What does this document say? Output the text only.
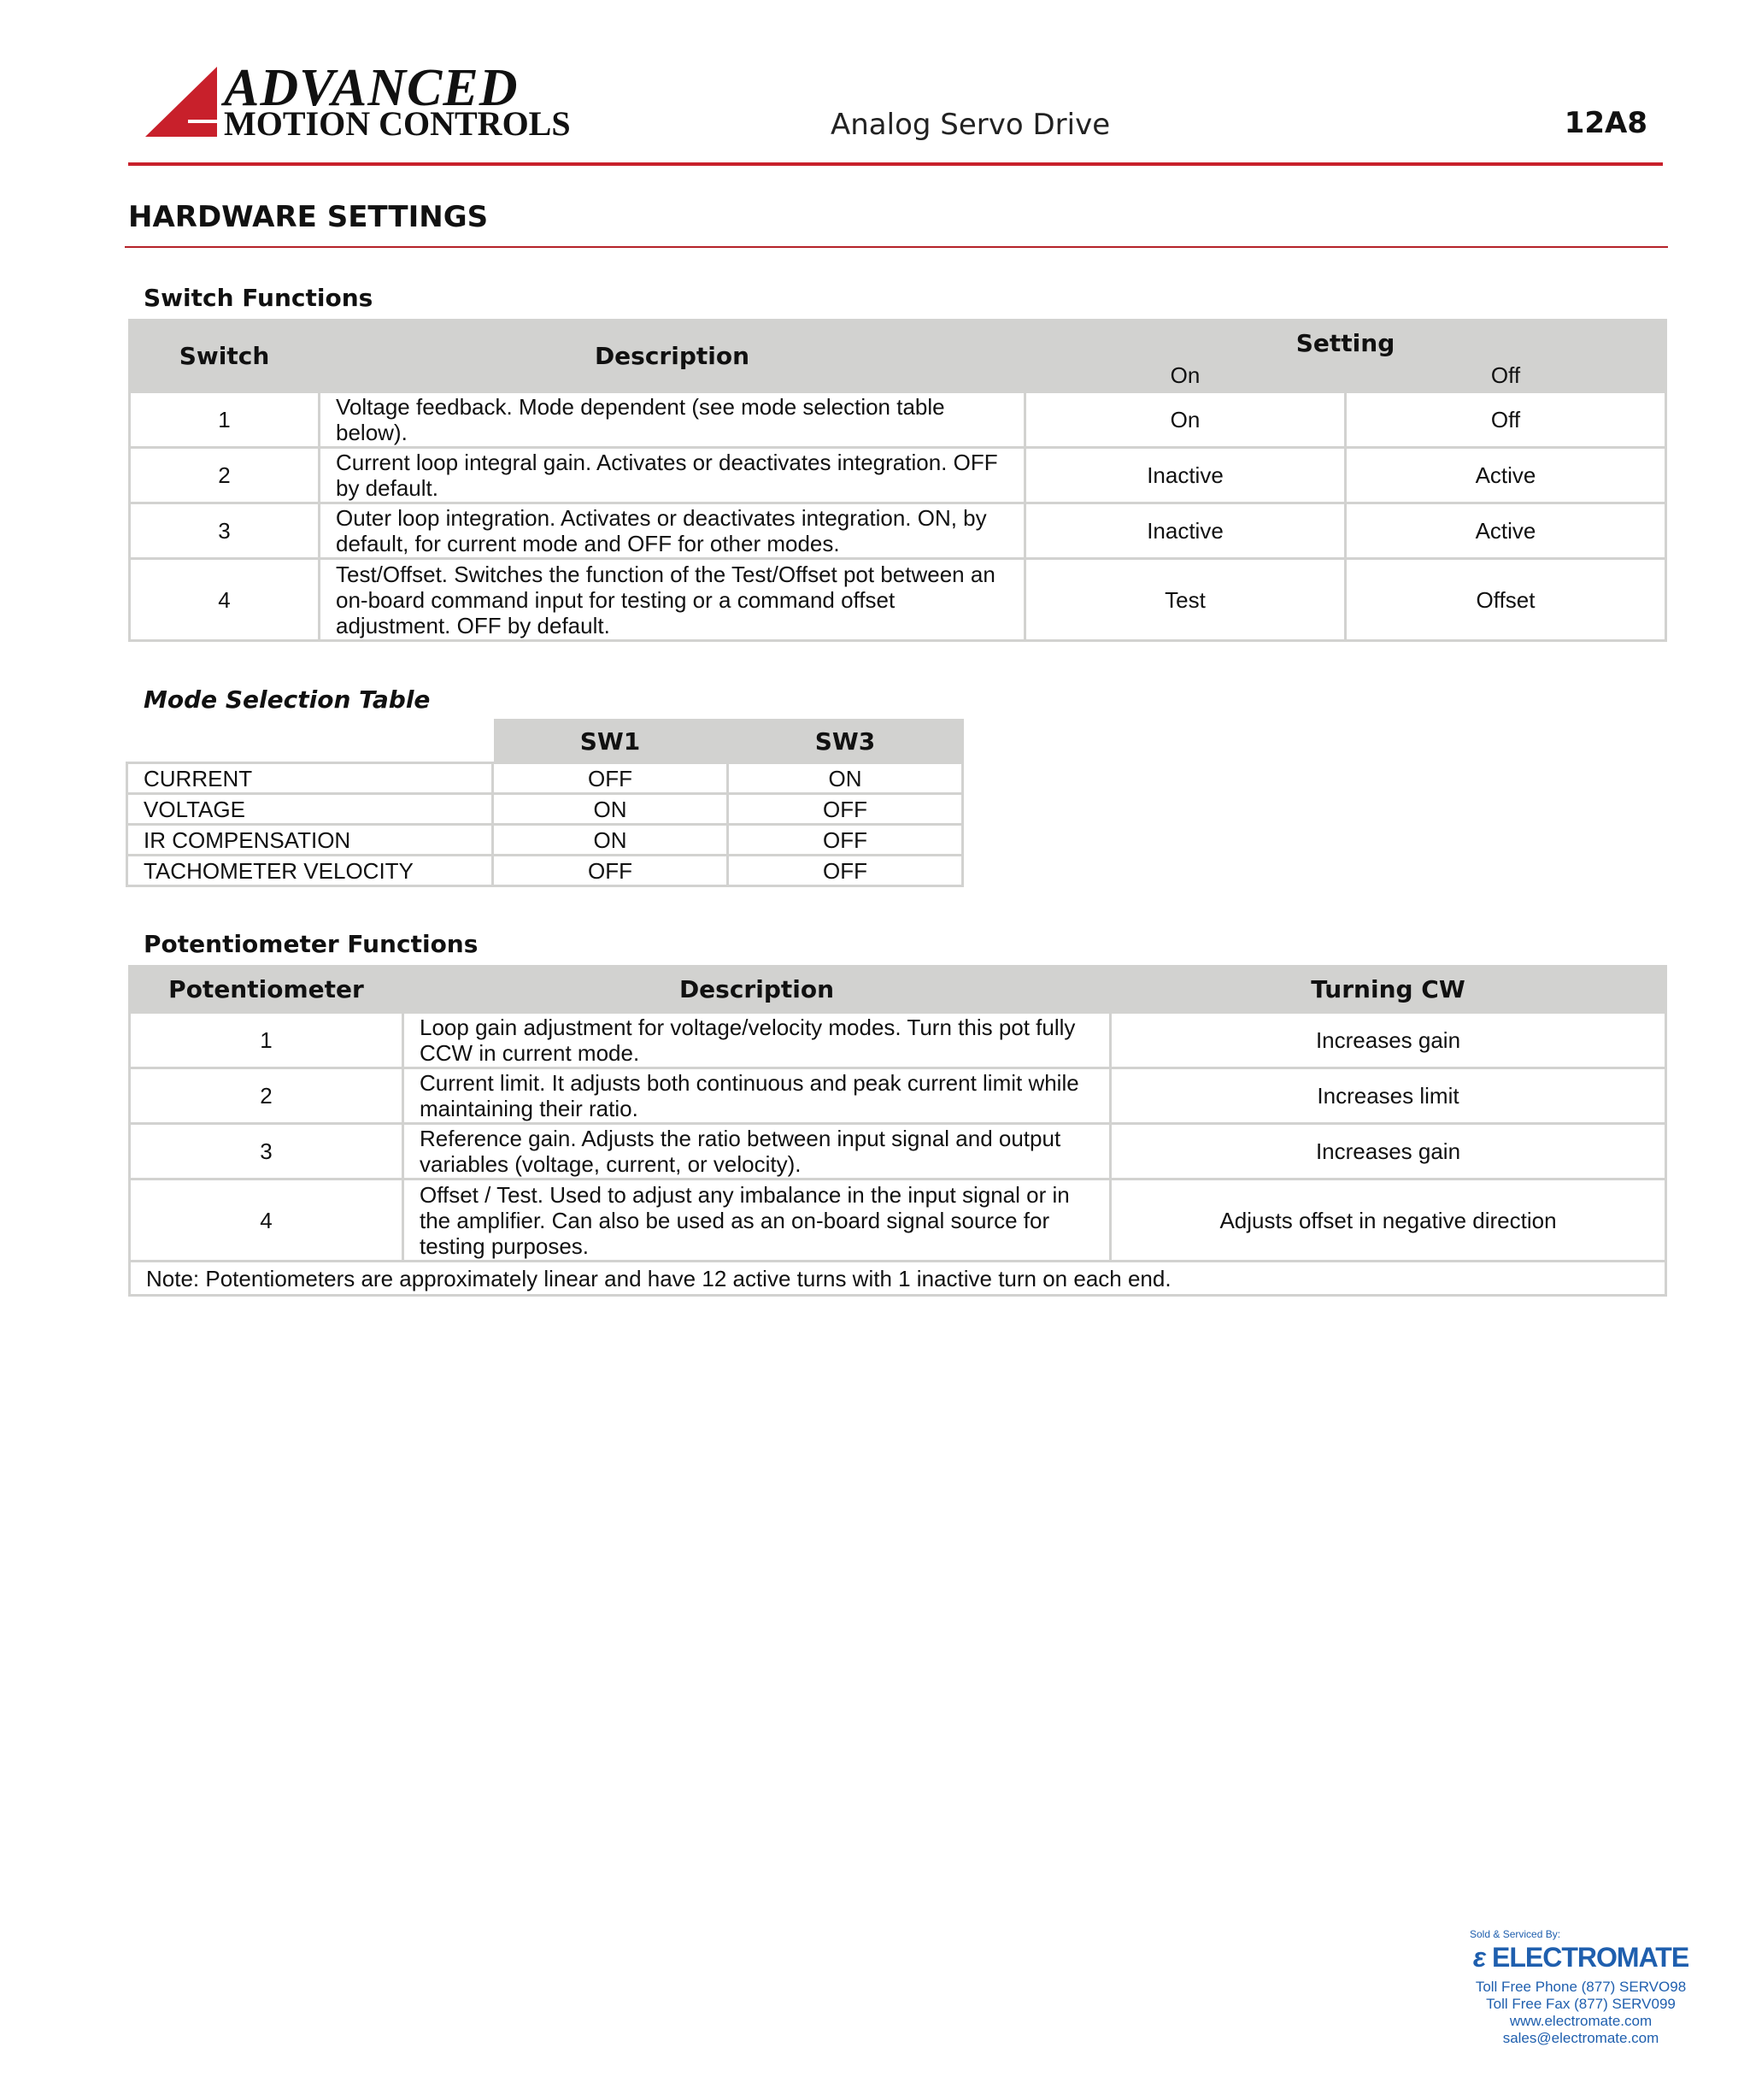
ADVANCED
MOTION CONTROLS	Analog Servo Drive	12A8
HARDWARE SETTINGS
Switch Functions
Switch	Description	Setting	
		On	Off
1	Voltage feedback. Mode dependent (see mode selection table below).	On	Off
2	Current loop integral gain. Activates or deactivates integration. OFF by default.	Inactive	Active
3	Outer loop integration. Activates or deactivates integration. ON, by default, for current mode and OFF for other modes.	Inactive	Active
4	Test/Offset. Switches the function of the Test/Offset pot between an on-board command input for testing or a command offset adjustment. OFF by default.	Test	Offset
Mode Selection Table
	SW1	SW3
CURRENT	OFF	ON
VOLTAGE	ON	OFF
IR COMPENSATION	ON	OFF
TACHOMETER VELOCITY	OFF	OFF
Potentiometer Functions
Potentiometer	Description	Turning CW
1	Loop gain adjustment for voltage/velocity modes. Turn this pot fully CCW in current mode.	Increases gain
2	Current limit. It adjusts both continuous and peak current limit while maintaining their ratio.	Increases limit
3	Reference gain. Adjusts the ratio between input signal and output variables (voltage, current, or velocity).	Increases gain
4	Offset / Test. Used to adjust any imbalance in the input signal or in the amplifier. Can also be used as an on-board signal source for testing purposes.	Adjusts offset in negative direction
Note: Potentiometers are approximately linear and have 12 active turns with 1 inactive turn on each end.		
Sold & Serviced By:
ε ELECTROMATE
Toll Free Phone (877) SERVO98
Toll Free Fax (877) SERV099
www.electromate.com
sales@electromate.com
